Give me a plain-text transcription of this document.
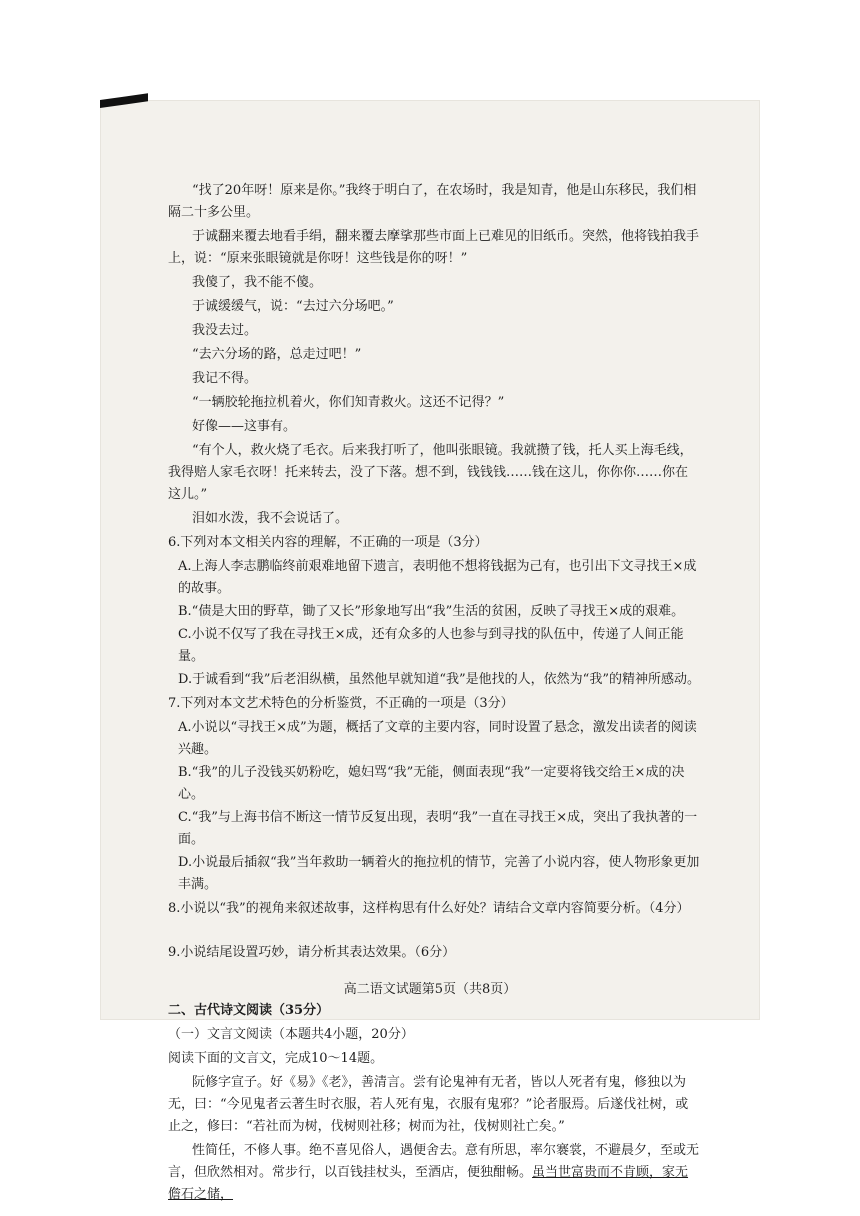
“找了20年呀！原来是你。”我终于明白了，在农场时，我是知青，他是山东移民，我们相隔二十多公里。

于诚翻来覆去地看手绢，翻来覆去摩挲那些市面上已难见的旧纸币。突然，他将钱拍我手上，说：“原来张眼镜就是你呀！这些钱是你的呀！”

我傻了，我不能不傻。

于诚缓缓气，说：“去过六分场吧。”

我没去过。

“去六分场的路，总走过吧！”

我记不得。

“一辆胶轮拖拉机着火，你们知青救火。这还不记得？”

好像——这事有。

“有个人，救火烧了毛衣。后来我打听了，他叫张眼镜。我就攒了钱，托人买上海毛线，我得赔人家毛衣呀！托来转去，没了下落。想不到，钱钱钱……钱在这儿，你你你……你在这儿。”

泪如水泼，我不会说话了。

6.下列对本文相关内容的理解，不正确的一项是（3分）

A.上海人李志鹏临终前艰难地留下遗言，表明他不想将钱据为己有，也引出下文寻找王×成的故事。

B.“债是大田的野草，锄了又长”形象地写出“我”生活的贫困，反映了寻找王×成的艰难。

C.小说不仅写了我在寻找王×成，还有众多的人也参与到寻找的队伍中，传递了人间正能量。

D.于诚看到“我”后老泪纵横，虽然他早就知道“我”是他找的人，依然为“我”的精神所感动。

7.下列对本文艺术特色的分析鉴赏，不正确的一项是（3分）

A.小说以“寻找王×成”为题，概括了文章的主要内容，同时设置了悬念，激发出读者的阅读兴趣。

B.“我”的儿子没钱买奶粉吃，媳妇骂“我”无能，侧面表现“我”一定要将钱交给王×成的决心。

C.“我”与上海书信不断这一情节反复出现，表明“我”一直在寻找王×成，突出了我执著的一面。

D.小说最后插叙“我”当年救助一辆着火的拖拉机的情节，完善了小说内容，使人物形象更加丰满。

8.小说以“我”的视角来叙述故事，这样构思有什么好处？请结合文章内容简要分析。（4分）

9.小说结尾设置巧妙，请分析其表达效果。（6分）

二、古代诗文阅读（35分）

（一）文言文阅读（本题共4小题，20分）

阅读下面的文言文，完成10～14题。

阮修字宣子。好《易》《老》，善清言。尝有论鬼神有无者，皆以人死者有鬼，修独以为无，曰：“今见鬼者云著生时衣服，若人死有鬼，衣服有鬼邪？”论者服焉。后遂伐社树，或止之，修曰：“若社而为树，伐树则社移；树而为社，伐树则社亡矣。”

性简任，不修人事。绝不喜见俗人，遇便舍去。意有所思，率尔褰裳，不避晨夕，至或无言，但欣然相对。常步行，以百钱挂杖头，至酒店，便独酣畅。虽当世富贵而不肯顾，家无儋石之储，

高二语文试题第5页（共8页）
